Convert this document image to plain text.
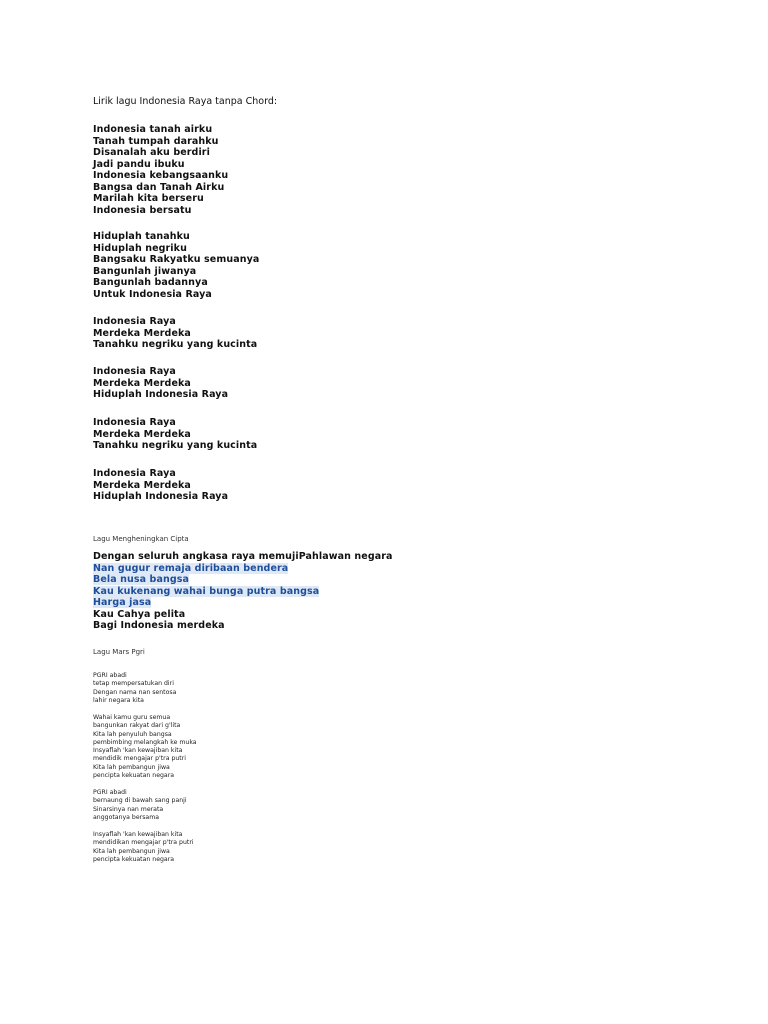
Lirik lagu Indonesia Raya tanpa Chord:
Indonesia tanah airku
Tanah tumpah darahku
Disanalah aku berdiri
Jadi pandu ibuku
Indonesia kebangsaanku
Bangsa dan Tanah Airku
Marilah kita berseru
Indonesia bersatu
Hiduplah tanahku
Hiduplah negriku
Bangsaku Rakyatku semuanya
Bangunlah jiwanya
Bangunlah badannya
Untuk Indonesia Raya
Indonesia Raya
Merdeka Merdeka
Tanahku negriku yang kucinta
Indonesia Raya
Merdeka Merdeka
Hiduplah Indonesia Raya
Indonesia Raya
Merdeka Merdeka
Tanahku negriku yang kucinta
Indonesia Raya
Merdeka Merdeka
Hiduplah Indonesia Raya
Lagu Mengheningkan Cipta
Dengan seluruh angkasa raya memujiPahlawan negara
Nan gugur remaja diribaan bendera
Bela nusa bangsa
Kau kukenang wahai bunga putra bangsa
Harga jasa
Kau Cahya pelita
Bagi Indonesia merdeka
Lagu Mars Pgri
PGRI abadi
tetap mempersatukan diri
Dengan nama nan sentosa
lahir negara kita
Wahai kamu guru semua
bangunkan rakyat dari g'lita
Kita lah penyuluh bangsa
pembimbing melangkah ke muka
Insyaflah 'kan kewajiban kita
mendidik mengajar p'tra putri
Kita lah pembangun jiwa
pencipta kekuatan negara
PGRI abadi
bernaung di bawah sang panji
Sinarsinya nan merata
anggotanya bersama
Insyaflah 'kan kewajiban kita
mendidikan mengajar p'tra putri
Kita lah pembangun jiwa
pencipta kekuatan negara
